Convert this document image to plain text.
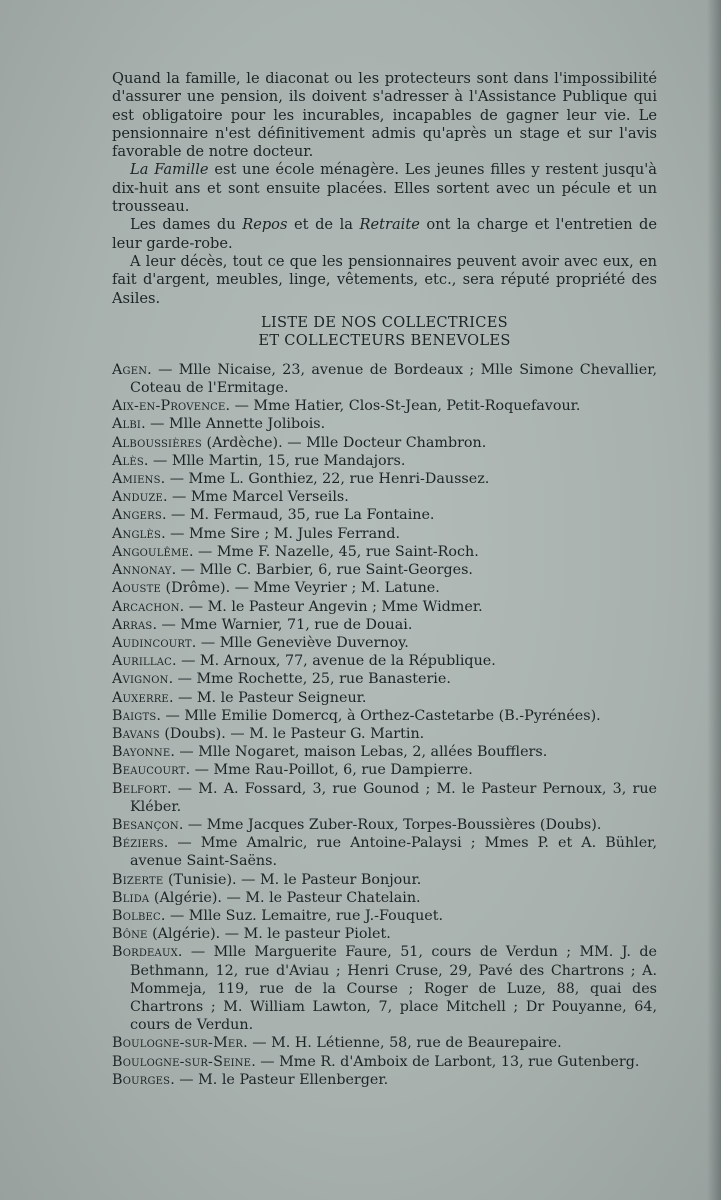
Quand la famille, le diaconat ou les protecteurs sont dans l'impossibilité d'assurer une pension, ils doivent s'adresser à l'Assistance Publique qui est obligatoire pour les incurables, incapables de gagner leur vie. Le pensionnaire n'est définitivement admis qu'après un stage et sur l'avis favorable de notre docteur.

La Famille est une école ménagère. Les jeunes filles y restent jusqu'à dix-huit ans et sont ensuite placées. Elles sortent avec un pécule et un trousseau.

Les dames du Repos et de la Retraite ont la charge et l'entretien de leur garde-robe.

A leur décès, tout ce que les pensionnaires peuvent avoir avec eux, en fait d'argent, meubles, linge, vêtements, etc., sera réputé propriété des Asiles.

LISTE DE NOS COLLECTRICES
ET COLLECTEURS BENEVOLES
Agen. — Mlle Nicaise, 23, avenue de Bordeaux ; Mlle Simone Chevallier, Coteau de l'Ermitage.
Aix-en-Provence. — Mme Hatier, Clos-St-Jean, Petit-Roquefavour.
Albi. — Mlle Annette Jolibois.
Alboussières (Ardèche). — Mlle Docteur Chambron.
Alès. — Mlle Martin, 15, rue Mandajors.
Amiens. — Mme L. Gonthiez, 22, rue Henri-Daussez.
Anduze. — Mme Marcel Verseils.
Angers. — M. Fermaud, 35, rue La Fontaine.
Anglès. — Mme Sire ; M. Jules Ferrand.
Angoulême. — Mme F. Nazelle, 45, rue Saint-Roch.
Annonay. — Mlle C. Barbier, 6, rue Saint-Georges.
Aouste (Drôme). — Mme Veyrier ; M. Latune.
Arcachon. — M. le Pasteur Angevin ; Mme Widmer.
Arras. — Mme Warnier, 71, rue de Douai.
Audincourt. — Mlle Geneviève Duvernoy.
Aurillac. — M. Arnoux, 77, avenue de la République.
Avignon. — Mme Rochette, 25, rue Banasterie.
Auxerre. — M. le Pasteur Seigneur.
Baigts. — Mlle Emilie Domercq, à Orthez-Castetarbe (B.-Pyrénées).
Bavans (Doubs). — M. le Pasteur G. Martin.
Bayonne. — Mlle Nogaret, maison Lebas, 2, allées Boufflers.
Beaucourt. — Mme Rau-Poillot, 6, rue Dampierre.
Belfort. — M. A. Fossard, 3, rue Gounod ; M. le Pasteur Pernoux, 3, rue Kléber.
Besançon. — Mme Jacques Zuber-Roux, Torpes-Boussières (Doubs).
Béziers. — Mme Amalric, rue Antoine-Palaysi ; Mmes P. et A. Bühler, avenue Saint-Saëns.
Bizerte (Tunisie). — M. le Pasteur Bonjour.
Blida (Algérie). — M. le Pasteur Chatelain.
Bolbec. — Mlle Suz. Lemaitre, rue J.-Fouquet.
Bône (Algérie). — M. le pasteur Piolet.
Bordeaux. — Mlle Marguerite Faure, 51, cours de Verdun ; MM. J. de Bethmann, 12, rue d'Aviau ; Henri Cruse, 29, Pavé des Chartrons ; A. Mommeja, 119, rue de la Course ; Roger de Luze, 88, quai des Chartrons ; M. William Lawton, 7, place Mitchell ; Dr Pouyanne, 64, cours de Verdun.
Boulogne-sur-Mer. — M. H. Létienne, 58, rue de Beaurepaire.
Boulogne-sur-Seine. — Mme R. d'Amboix de Larbont, 13, rue Gutenberg.
Bourges. — M. le Pasteur Ellenberger.
